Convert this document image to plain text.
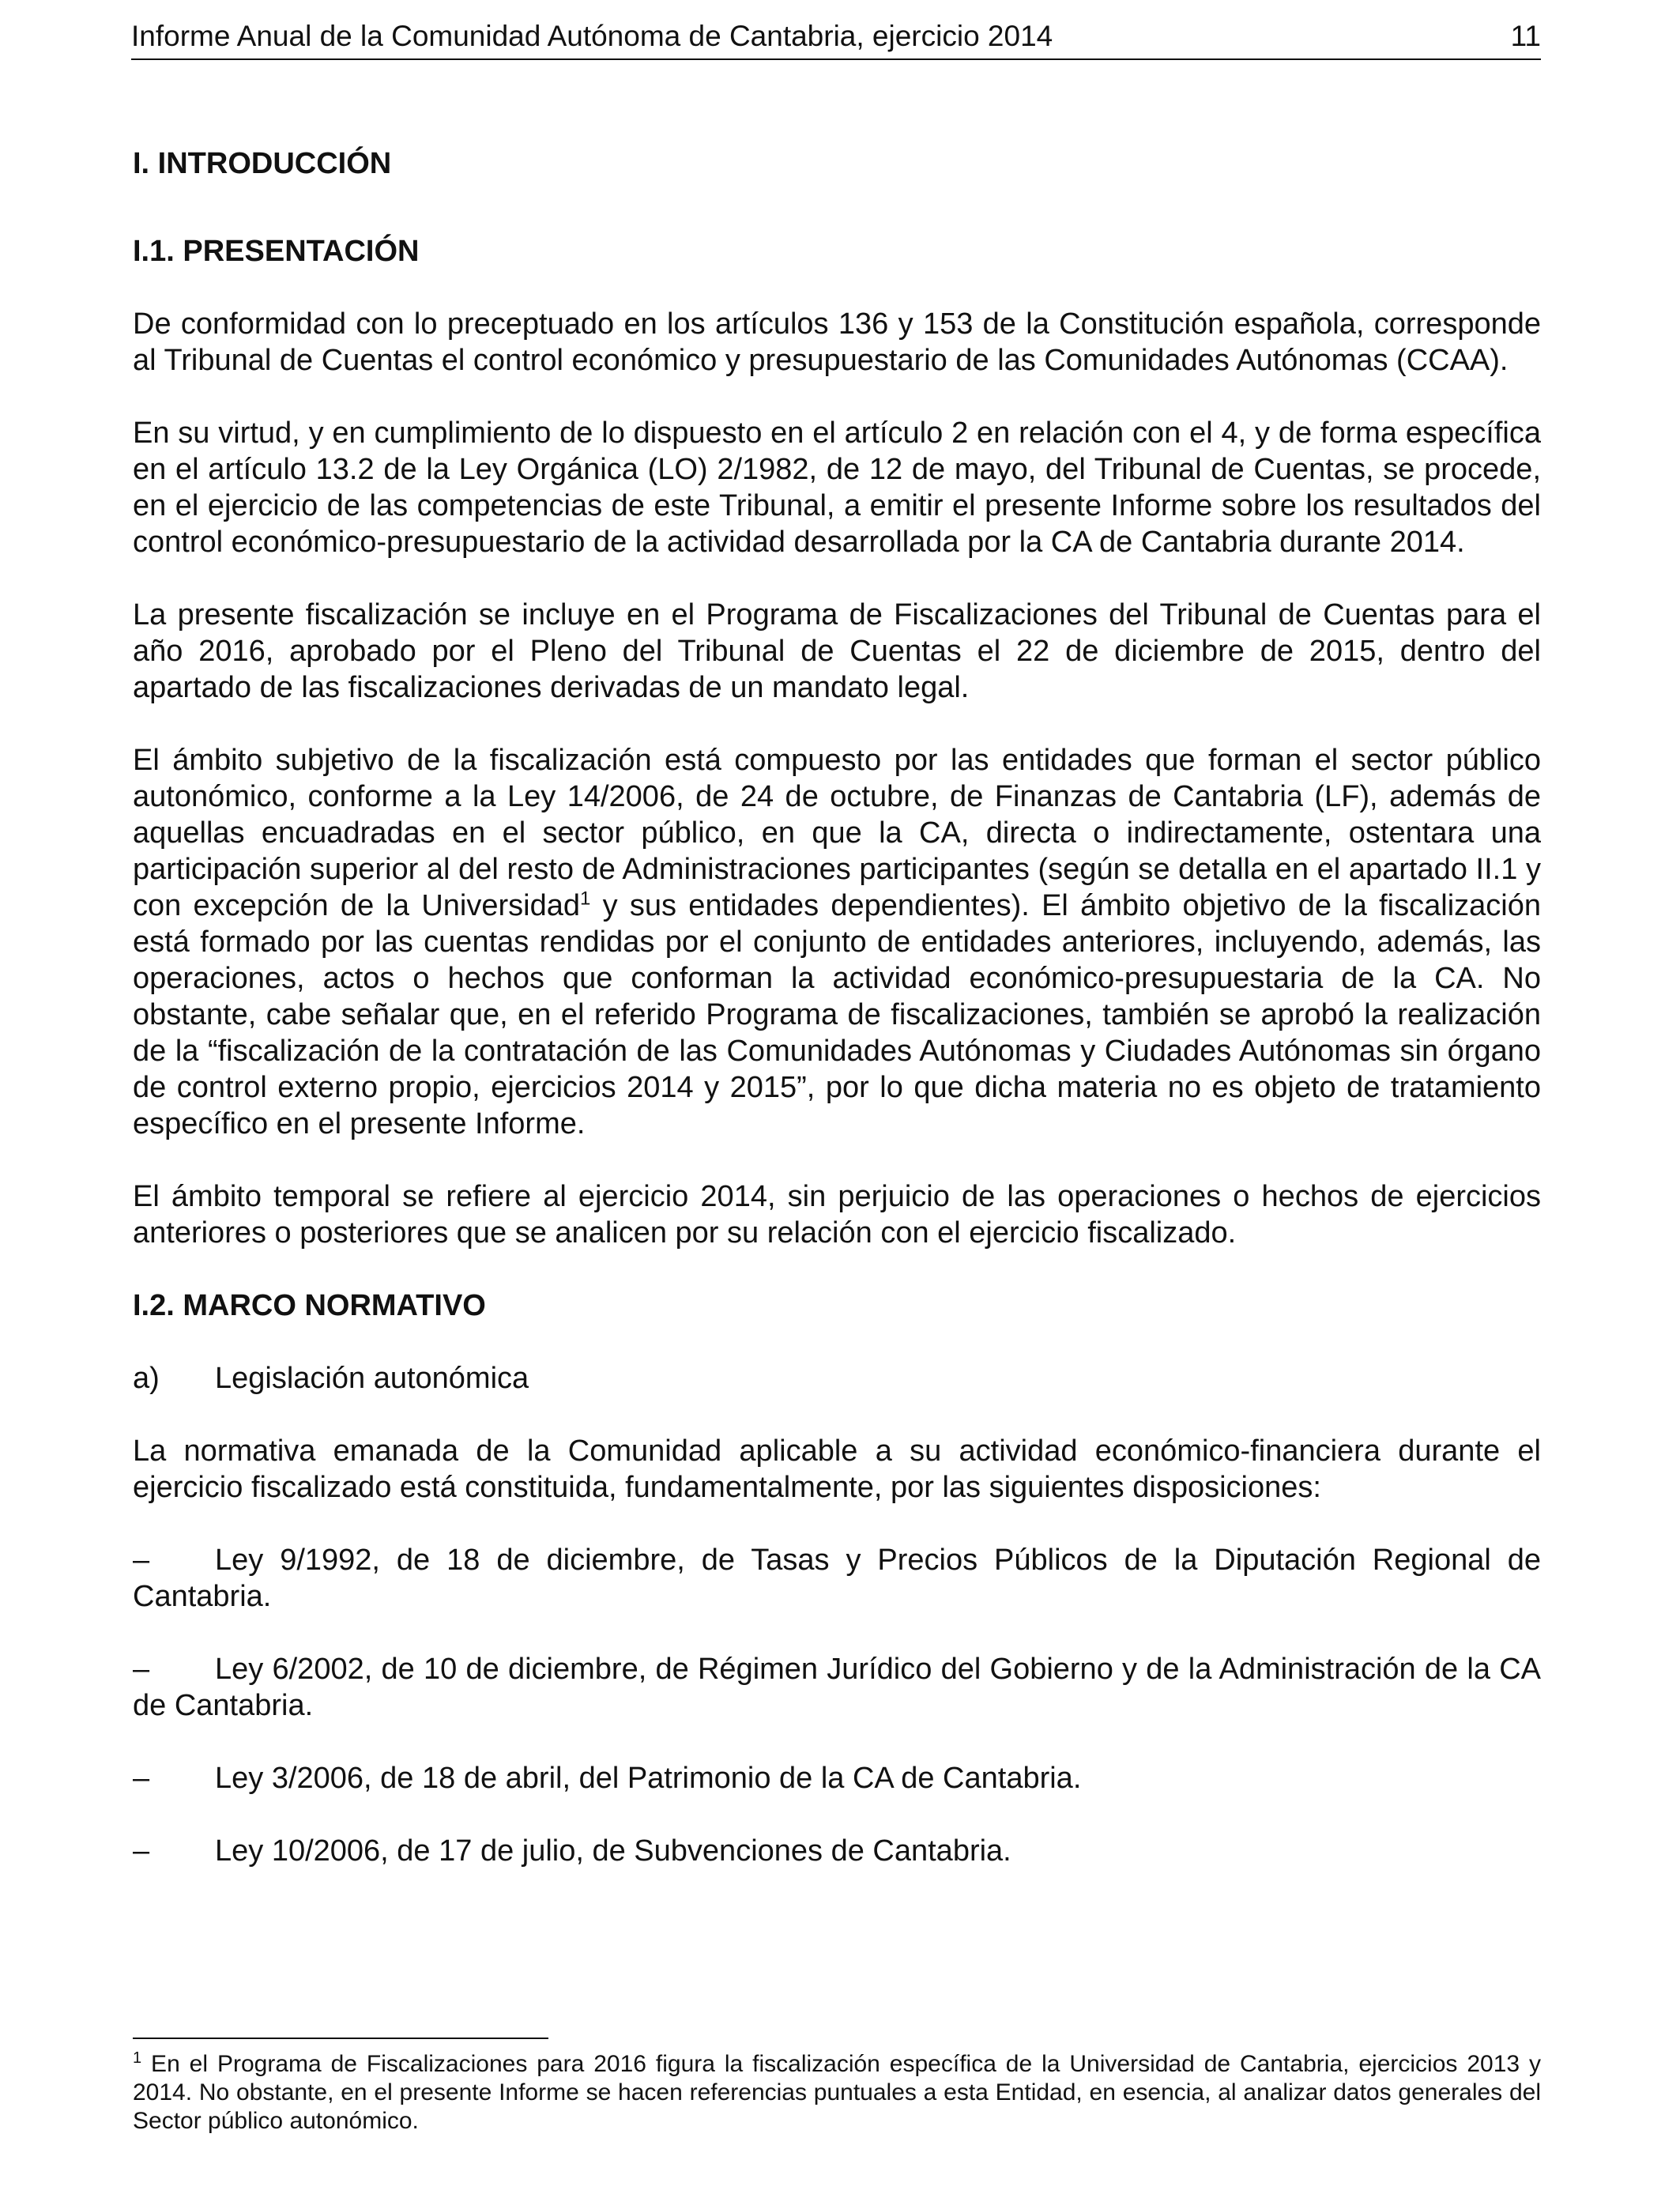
Informe Anual de la Comunidad Autónoma de Cantabria, ejercicio 2014	11
I. INTRODUCCIÓN
I.1. PRESENTACIÓN

De conformidad con lo preceptuado en los artículos 136 y 153 de la Constitución española, corresponde al Tribunal de Cuentas el control económico y presupuestario de las Comunidades Autónomas (CCAA).

En su virtud, y en cumplimiento de lo dispuesto en el artículo 2 en relación con el 4, y de forma específica en el artículo 13.2 de la Ley Orgánica (LO) 2/1982, de 12 de mayo, del Tribunal de Cuentas, se procede, en el ejercicio de las competencias de este Tribunal, a emitir el presente Informe sobre los resultados del control económico-presupuestario de la actividad desarrollada por la CA de Cantabria durante 2014.

La presente fiscalización se incluye en el Programa de Fiscalizaciones del Tribunal de Cuentas para el año 2016, aprobado por el Pleno del Tribunal de Cuentas el 22 de diciembre de 2015, dentro del apartado de las fiscalizaciones derivadas de un mandato legal.

El ámbito subjetivo de la fiscalización está compuesto por las entidades que forman el sector público autonómico, conforme a la Ley 14/2006, de 24 de octubre, de Finanzas de Cantabria (LF), además de aquellas encuadradas en el sector público, en que la CA, directa o indirectamente, ostentara una participación superior al del resto de Administraciones participantes (según se detalla en el apartado II.1 y con excepción de la Universidad$^1$ y sus entidades dependientes). El ámbito objetivo de la fiscalización está formado por las cuentas rendidas por el conjunto de entidades anteriores, incluyendo, además, las operaciones, actos o hechos que conforman la actividad económico-presupuestaria de la CA. No obstante, cabe señalar que, en el referido Programa de fiscalizaciones, también se aprobó la realización de la “fiscalización de la contratación de las Comunidades Autónomas y Ciudades Autónomas sin órgano de control externo propio, ejercicios 2014 y 2015”, por lo que dicha materia no es objeto de tratamiento específico en el presente Informe.

El ámbito temporal se refiere al ejercicio 2014, sin perjuicio de las operaciones o hechos de ejercicios anteriores o posteriores que se analicen por su relación con el ejercicio fiscalizado.

I.2. MARCO NORMATIVO
a)	Legislación autonómica

La normativa emanada de la Comunidad aplicable a su actividad económico-financiera durante el ejercicio fiscalizado está constituida, fundamentalmente, por las siguientes disposiciones:

– Ley 9/1992, de 18 de diciembre, de Tasas y Precios Públicos de la Diputación Regional de Cantabria.
– Ley 6/2002, de 10 de diciembre, de Régimen Jurídico del Gobierno y de la Administración de la CA de Cantabria.
– Ley 3/2006, de 18 de abril, del Patrimonio de la CA de Cantabria.
– Ley 10/2006, de 17 de julio, de Subvenciones de Cantabria.
$^1$ En el Programa de Fiscalizaciones para 2016 figura la fiscalización específica de la Universidad de Cantabria, ejercicios 2013 y 2014. No obstante, en el presente Informe se hacen referencias puntuales a esta Entidad, en esencia, al analizar datos generales del Sector público autonómico.
